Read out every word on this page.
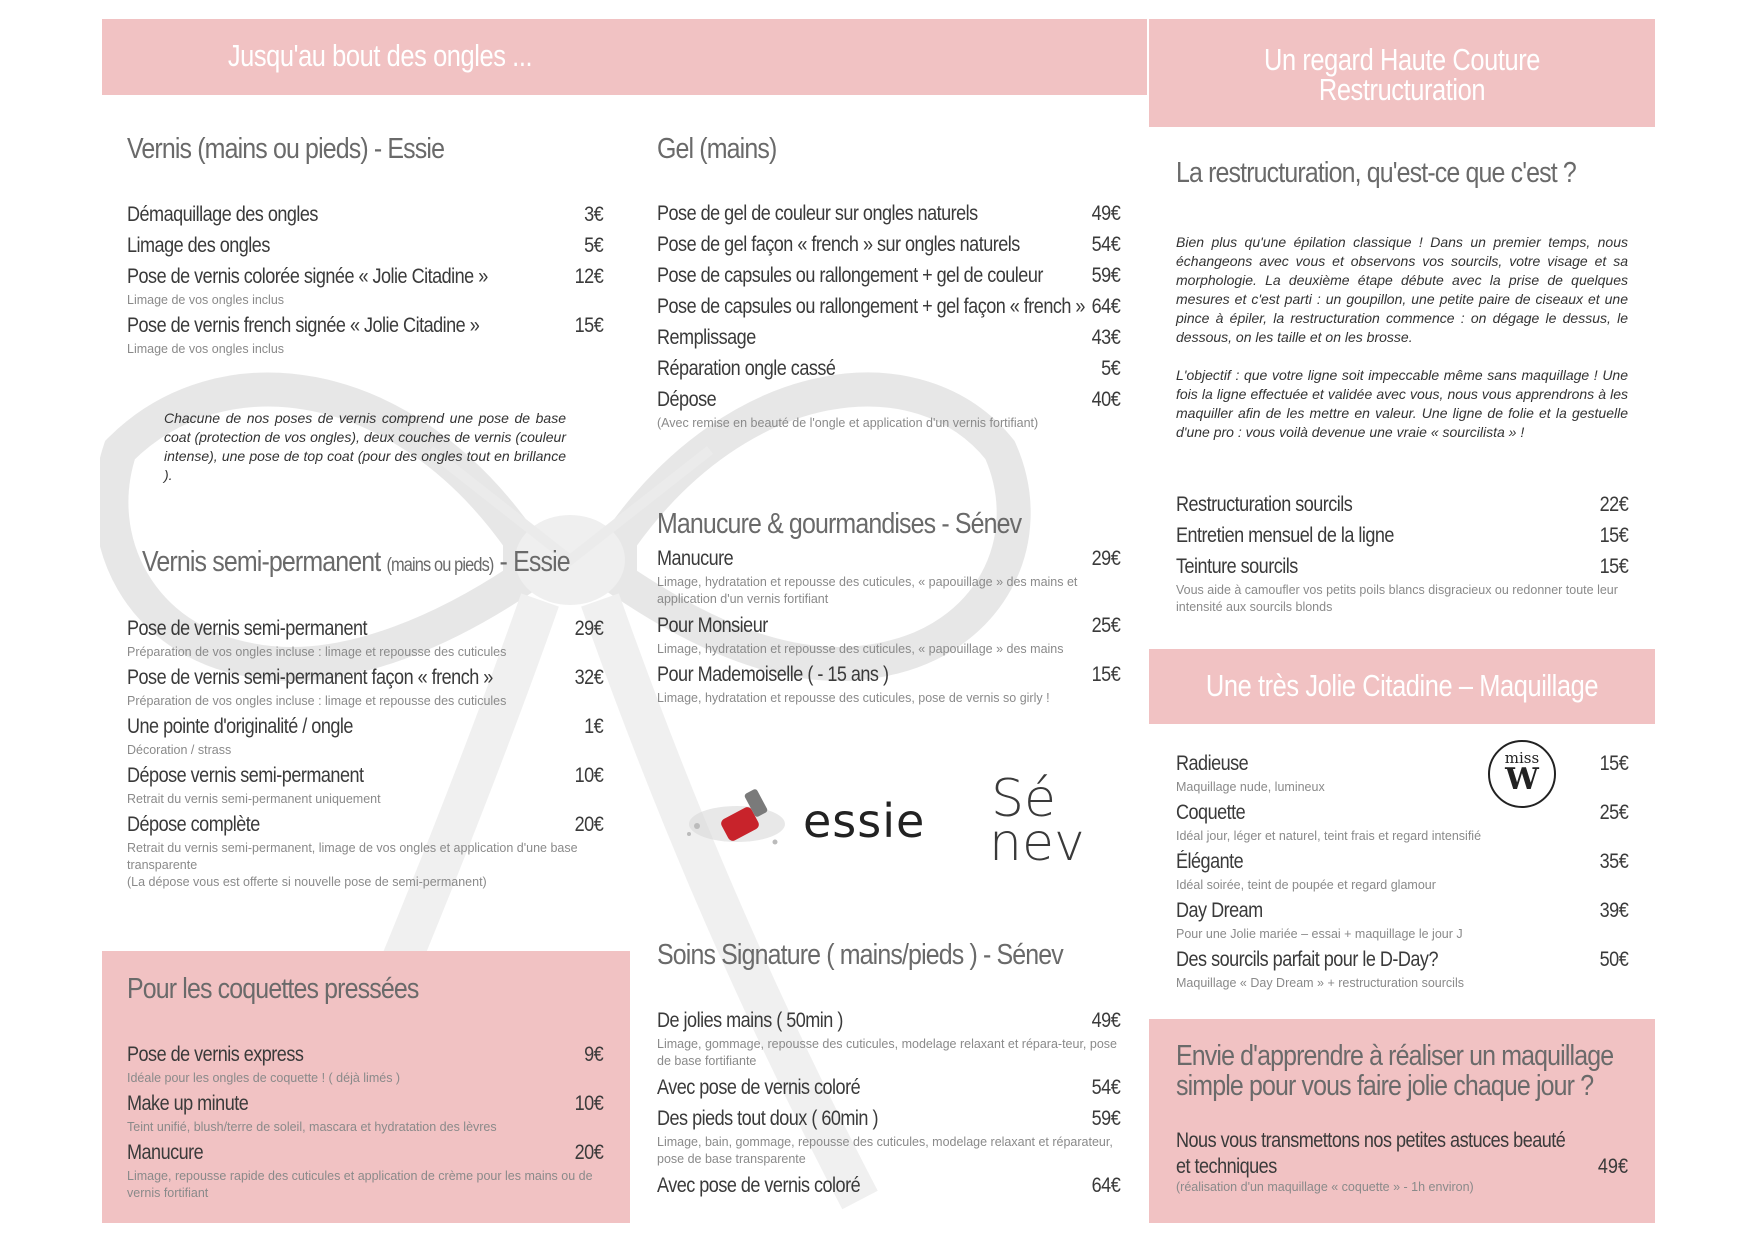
Jusqu'au bout des ongles ...	Un regard Haute Couture
Restructuration
Vernis (mains ou pieds) - Essie
Démaquillage des ongles	3€
Limage des ongles	5€
Pose de vernis colorée signée « Jolie Citadine »	12€
Limage de vos ongles inclus
Pose de vernis french signée « Jolie Citadine »	15€
Limage de vos ongles inclus
Chacune de nos poses de vernis comprend une pose de base coat (protection de vos ongles), deux couches de vernis (couleur intense), une pose de top coat (pour des ongles tout en brillance ).
Vernis semi-permanent (mains ou pieds) - Essie
Pose de vernis semi-permanent	29€
Préparation de vos ongles incluse : limage et repousse des cuticules
Pose de vernis semi-permanent façon « french »	32€
Préparation de vos ongles incluse : limage et repousse des cuticules
Une pointe d'originalité / ongle	1€
Décoration / strass
Dépose vernis semi-permanent	10€
Retrait du vernis semi-permanent uniquement
Dépose complète	20€
Retrait du vernis semi-permanent, limage de vos ongles et application d'une base transparente
(La dépose vous est offerte si nouvelle pose de semi-permanent)
Pour les coquettes pressées
Pose de vernis express	9€
Idéale pour les ongles de coquette ! ( déjà limés )
Make up minute	10€
Teint unifié, blush/terre de soleil, mascara et hydratation des lèvres
Manucure	20€
Limage, repousse rapide des cuticules et application de crème pour les mains ou de vernis fortifiant
Gel (mains)
Pose de gel de couleur sur ongles naturels	49€
Pose de gel façon « french » sur ongles naturels	54€
Pose de capsules ou rallongement + gel de couleur 59€
Pose de capsules ou rallongement + gel façon « french » 64€
Remplissage	43€
Réparation ongle cassé	5€
Dépose	40€
(Avec remise en beauté de l'ongle et application d'un vernis fortifiant)
Manucure & gourmandises - Sénev
Manucure	29€
Limage, hydratation et repousse des cuticules, « papouillage » des mains et application d'un vernis fortifiant
Pour Monsieur	25€
Limage, hydratation et repousse des cuticules, « papouillage » des mains
Pour Mademoiselle ( - 15 ans )	15€
Limage, hydratation et repousse des cuticules, pose de vernis so girly !
essie Sé
nev
Soins Signature ( mains/pieds ) - Sénev
De jolies mains ( 50min )	49€
Limage, gommage, repousse des cuticules, modelage relaxant et répara-teur, pose de base fortifiante
Avec pose de vernis coloré	54€
Des pieds tout doux ( 60min )	59€
Limage, bain, gommage, repousse des cuticules, modelage relaxant et réparateur, pose de base transparente
Avec pose de vernis coloré	64€
La restructuration, qu'est-ce que c'est ?
Bien plus qu'une épilation classique ! Dans un premier temps, nous échangeons avec vous et observons vos sourcils, votre visage et sa morphologie. La deuxième étape débute avec la prise de quelques mesures et c'est parti : un goupillon, une petite paire de ciseaux et une pince à épiler, la restructuration commence : on dégage le dessus, le dessous, on les taille et on les brosse.
L'objectif : que votre ligne soit impeccable même sans maquillage ! Une fois la ligne effectuée et validée avec vous, nous vous apprendrons à les maquiller afin de les mettre en valeur. Une ligne de folie et la gestuelle d'une pro : vous voilà devenue une vraie « sourcilista » !
Restructuration sourcils	22€
Entretien mensuel de la ligne	15€
Teinture sourcils	15€
Vous aide à camoufler vos petits poils blancs disgracieux ou redonner toute leur intensité aux sourcils blonds
Une très Jolie Citadine – Maquillage
Radieuse	15€
Maquillage nude, lumineux
Coquette	25€
Idéal jour, léger et naturel, teint frais et regard intensifié
Élégante	35€
Idéal soirée, teint de poupée et regard glamour
Day Dream	39€
Pour une Jolie mariée – essai + maquillage le jour J
Des sourcils parfait pour le D-Day?	50€
Maquillage « Day Dream » + restructuration sourcils
miss
W
Envie d'apprendre à réaliser un maquillage
simple pour vous faire jolie chaque jour ?
Nous vous transmettons nos petites astuces beauté
et techniques	49€
(réalisation d'un maquillage « coquette » - 1h environ)
